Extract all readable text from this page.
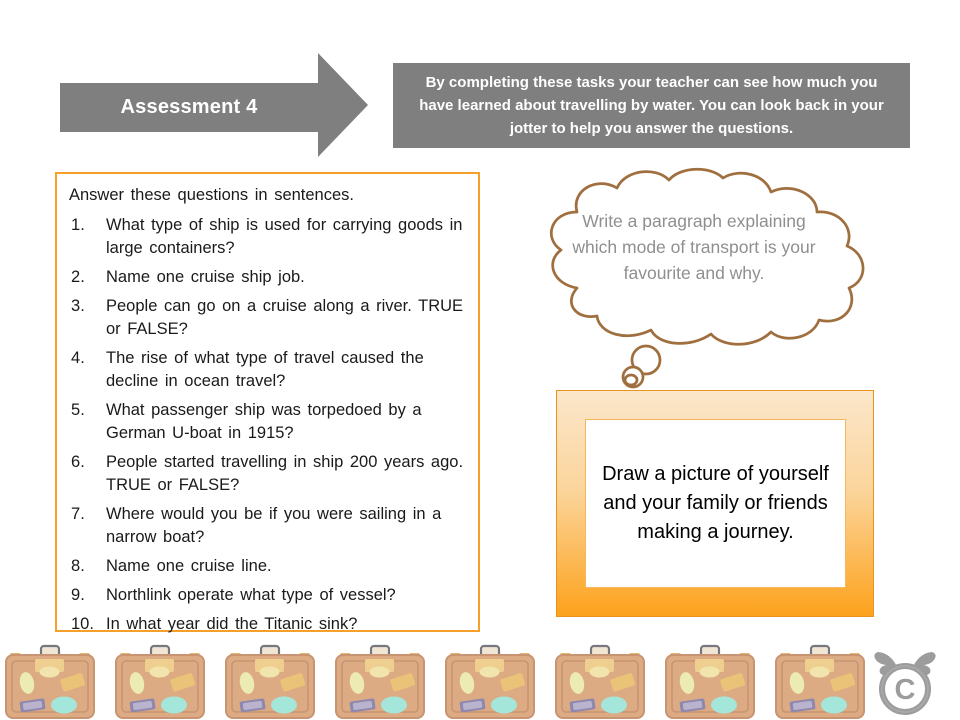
Assessment 4

By completing these tasks your teacher can see how much you have learned about travelling by water. You can look back in your jotter to help you answer the questions.

Answer these questions in sentences.

What type of ship is used for carrying goods in large containers?
Name one cruise ship job.
People can go on a cruise along a river. TRUE or FALSE?
The rise of what type of travel caused the decline in ocean travel?
What passenger ship was torpedoed by a German U-boat in 1915?
People started travelling in ship 200 years ago. TRUE or FALSE?
Where would you be if you were sailing in a narrow boat?
Name one cruise line.
Northlink operate what type of vessel?
In what year did the Titanic sink?
Write a paragraph explaining which mode of transport is your favourite and why.

Draw a picture of yourself and your family or friends making a journey.

C
